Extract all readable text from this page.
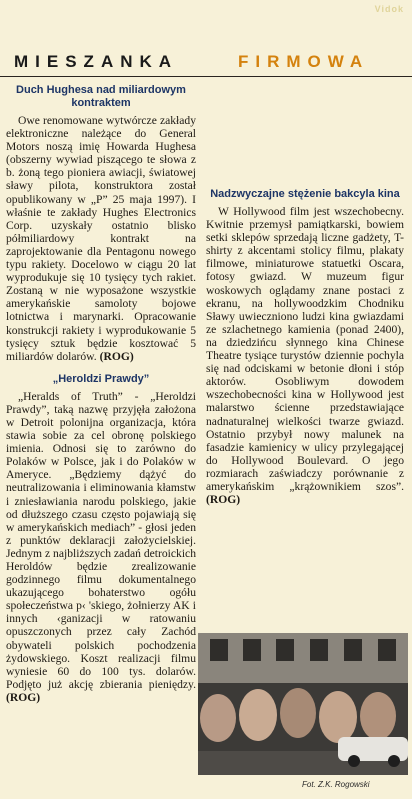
Vidok
MIESZANKA	FIRMOWA
Duch Hughesa nad miliardowym kontraktem

Owe renomowane wytwórcze zakłady elektroniczne należące do General Motors noszą imię Howarda Hughesa (obszerny wywiad piszącego te słowa z b. żoną tego pioniera awiacji, światowej sławy pilota, konstruktora został opublikowany w „P” 25 maja 1997). I właśnie te zakłady Hughes Electronics Corp. uzyskały ostatnio blisko półmiliardowy kontrakt na zaprojektowanie dla Pentagonu nowego typu rakiety. Docelowo w ciągu 20 lat wyprodukuje się 10 tysięcy tych rakiet. Zostaną w nie wyposażone wszystkie amerykańskie samoloty bojowe lotnictwa i marynarki. Opracowanie konstrukcji rakiety i wyprodukowanie 5 tysięcy sztuk będzie kosztować 5 miliardów dolarów. (ROG)

„Heroldzi Prawdy”

„Heralds of Truth” - „Heroldzi Prawdy”, taką nazwę przyjęła założona w Detroit polonijna organizacja, która stawia sobie za cel obronę polskiego imienia. Odnosi się to zarówno do Polaków w Polsce, jak i do Polaków w Ameryce. „Będziemy dążyć do neutralizowania i eliminowania kłamstw i zniesławiania narodu polskiego, jakie od dłuższego czasu często pojawiają się w amerykańskich mediach” - głosi jeden z punktów deklaracji założycielskiej. Jednym z najbliższych zadań detroickich Heroldów będzie zrealizowanie godzinnego filmu dokumentalnego ukazującego bohaterstwo ogółu społeczeństwa p‹ 'skiego, żołnierzy AK i innych ‹ganizacji w ratowaniu opuszczonych przez cały Zachód obywateli polskich pochodzenia żydowskiego. Koszt realizacji filmu wyniesie 60 do 100 tys. dolarów. Podjęto już akcję zbierania pieniędzy. (ROG)

Nadzwyczajne stężenie bakcyla kina

W Hollywood film jest wszechobecny. Kwitnie przemysł pamiątkarski, bowiem setki sklepów sprzedają liczne gadżety, T-shirty z akcentami stolicy filmu, plakaty filmowe, miniaturowe statuetki Oscara, fotosy gwiazd. W muzeum figur woskowych oglądamy znane postaci z ekranu, na hollywoodzkim Chodniku Sławy uwieczniono ludzi kina gwiazdami ze szlachetnego kamienia (ponad 2400), na dziedzińcu słynnego kina Chinese Theatre tysiące turystów dziennie pochyla się nad odciskami w betonie dłoni i stóp aktorów. Osobliwym dowodem wszechobecności kina w Hollywood jest malarstwo ścienne przedstawiające nadnaturalnej wielkości twarze gwiazd. Ostatnio przybył nowy malunek na fasadzie kamienicy w ulicy przylegającej do Hollywood Boulevard. O jego rozmiarach zaświadczy porównanie z amerykańskim „krążownikiem szos”. (ROG)

Fot. Z.K. Rogowski
